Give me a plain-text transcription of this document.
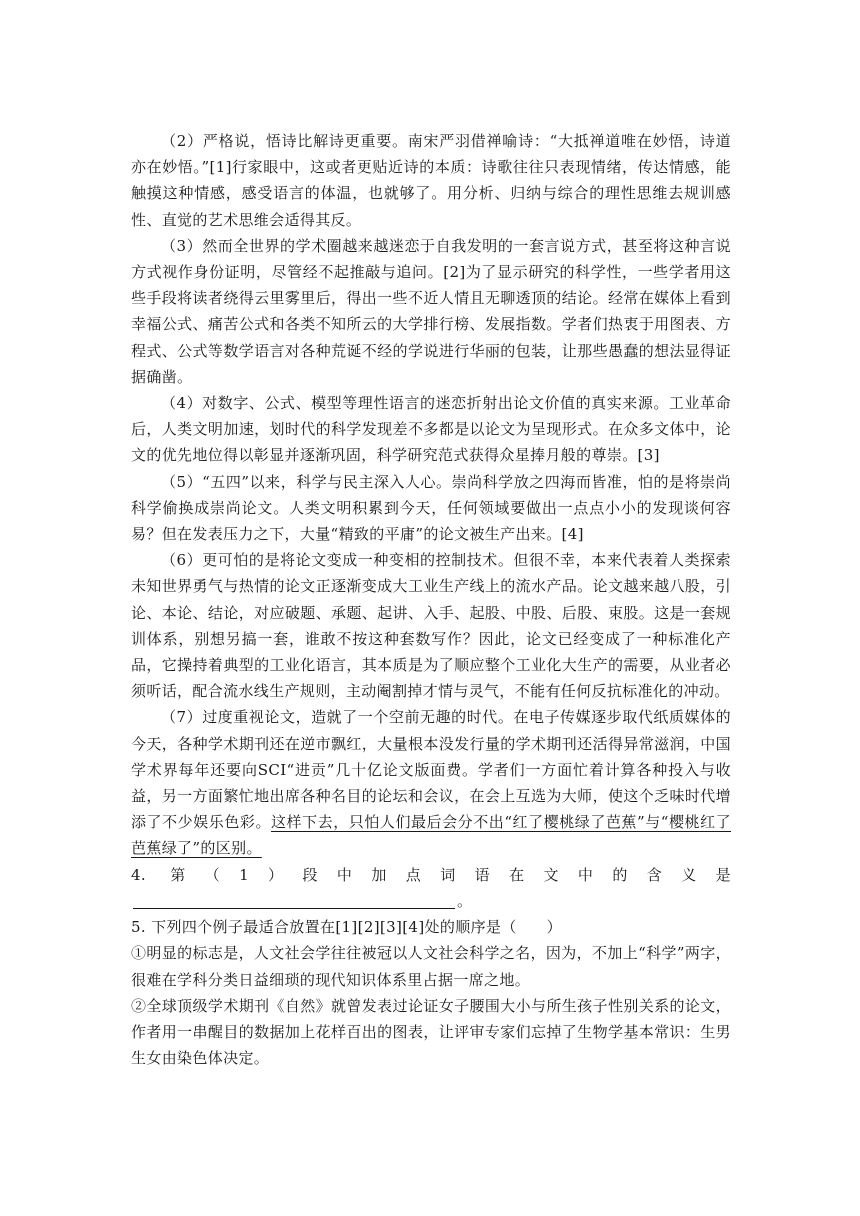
（2）严格说，悟诗比解诗更重要。南宋严羽借禅喻诗：“大抵禅道唯在妙悟，诗道亦在妙悟。”[1]行家眼中，这或者更贴近诗的本质：诗歌往往只表现情绪，传达情感，能触摸这种情感，感受语言的体温，也就够了。用分析、归纳与综合的理性思维去规训感性、直觉的艺术思维会适得其反。

（3）然而全世界的学术圈越来越迷恋于自我发明的一套言说方式，甚至将这种言说方式视作身份证明，尽管经不起推敲与追问。[2]为了显示研究的科学性，一些学者用这些手段将读者绕得云里雾里后，得出一些不近人情且无聊透顶的结论。经常在媒体上看到幸福公式、痛苦公式和各类不知所云的大学排行榜、发展指数。学者们热衷于用图表、方程式、公式等数学语言对各种荒诞不经的学说进行华丽的包装，让那些愚蠢的想法显得证据确凿。

（4）对数字、公式、模型等理性语言的迷恋折射出论文价值的真实来源。工业革命后，人类文明加速，划时代的科学发现差不多都是以论文为呈现形式。在众多文体中，论文的优先地位得以彰显并逐渐巩固，科学研究范式获得众星捧月般的尊崇。[3]

（5）“五四”以来，科学与民主深入人心。崇尚科学放之四海而皆准，怕的是将崇尚科学偷换成崇尚论文。人类文明积累到今天，任何领域要做出一点点小小的发现谈何容易？但在发表压力之下，大量“精致的平庸”的论文被生产出来。[4]

（6）更可怕的是将论文变成一种变相的控制技术。但很不幸，本来代表着人类探索未知世界勇气与热情的论文正逐渐变成大工业生产线上的流水产品。论文越来越八股，引论、本论、结论，对应破题、承题、起讲、入手、起股、中股、后股、束股。这是一套规训体系，别想另搞一套，谁敢不按这种套数写作？因此，论文已经变成了一种标准化产品，它操持着典型的工业化语言，其本质是为了顺应整个工业化大生产的需要，从业者必须听话，配合流水线生产规则，主动阉割掉才情与灵气，不能有任何反抗标准化的冲动。

（7）过度重视论文，造就了一个空前无趣的时代。在电子传媒逐步取代纸质媒体的今天，各种学术期刊还在逆市飘红，大量根本没发行量的学术期刊还活得异常滋润，中国学术界每年还要向SCI“进贡”几十亿论文版面费。学者们一方面忙着计算各种投入与收益，另一方面繁忙地出席各种名目的论坛和会议，在会上互选为大师，使这个乏味时代增添了不少娱乐色彩。这样下去，只怕人们最后会分不出“红了樱桃绿了芭蕉”与“樱桃红了芭蕉绿了”的区别。

4. 第（1）段中加点词语在文中的含义是。

5. 下列四个例子最适合放置在[1][2][3][4]处的顺序是（ ）

①明显的标志是，人文社会学往往被冠以人文社会科学之名，因为，不加上“科学”两字，很难在学科分类日益细琐的现代知识体系里占据一席之地。

②全球顶级学术期刊《自然》就曾发表过论证女子腰围大小与所生孩子性别关系的论文，作者用一串醒目的数据加上花样百出的图表，让评审专家们忘掉了生物学基本常识：生男生女由染色体决定。
